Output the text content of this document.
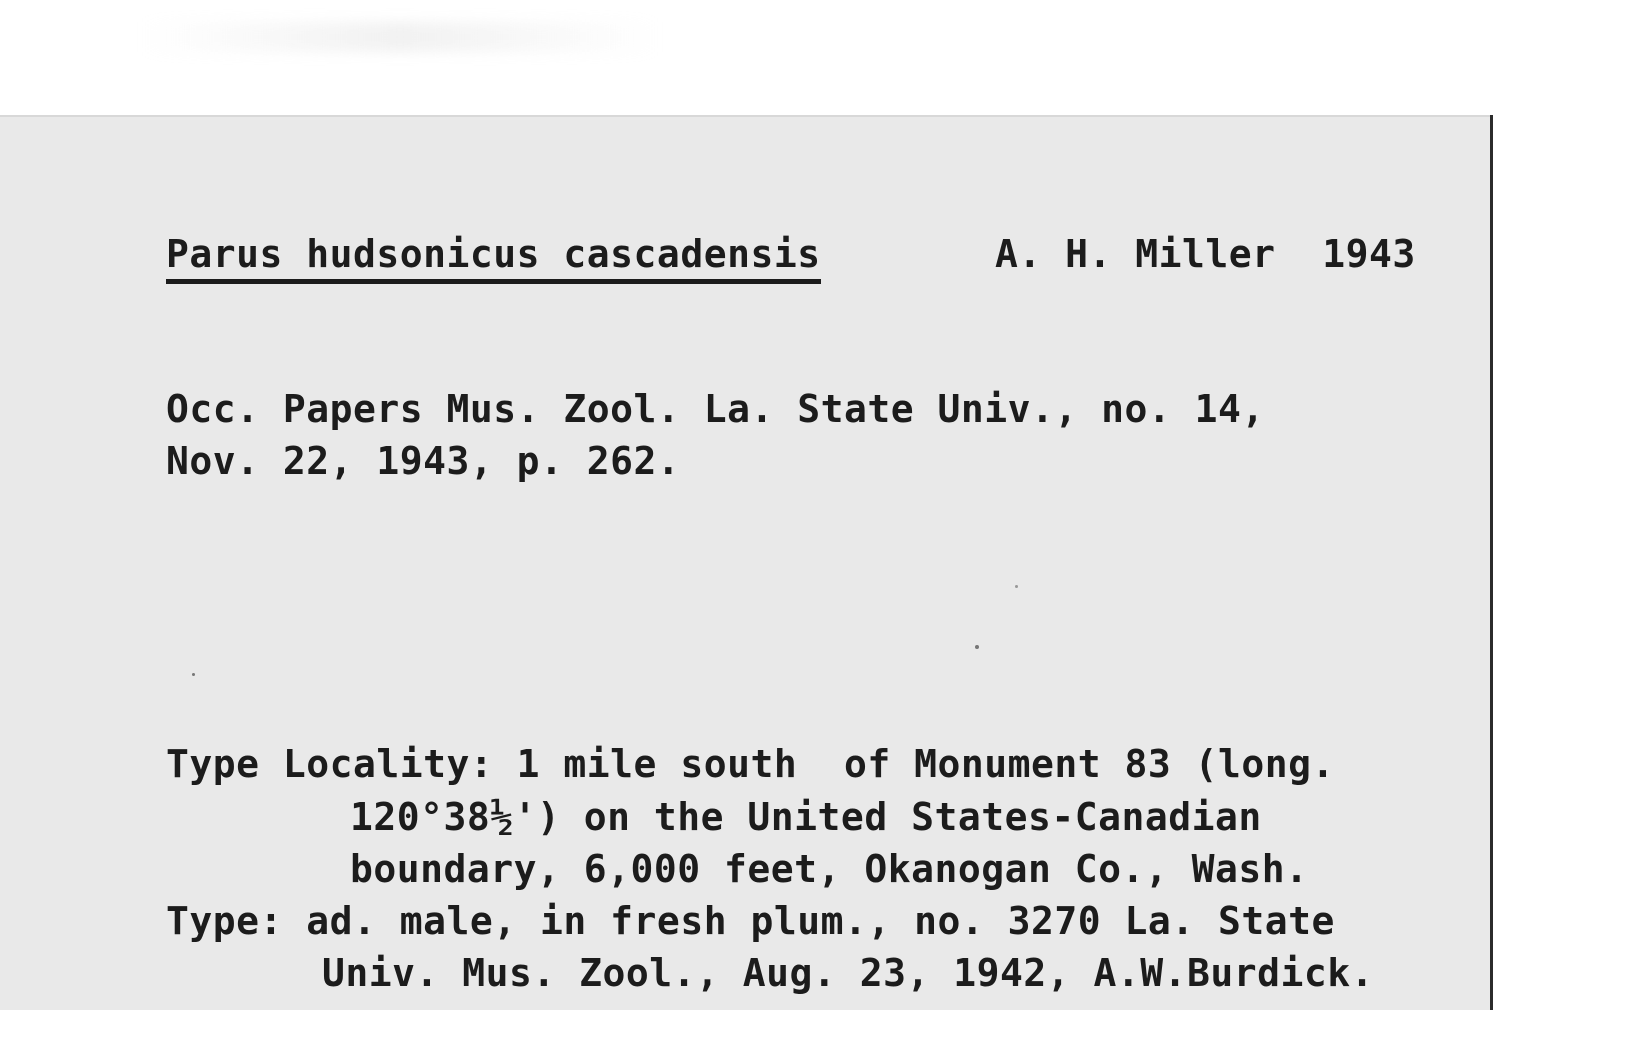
Parus hudsonicus cascadensis	A. H. Miller  1943
Occ. Papers Mus. Zool. La. State Univ., no. 14,
Nov. 22, 1943, p. 262.
Type Locality: 1 mile south  of Monument 83 (long.
120°38½') on the United States-Canadian
boundary, 6,000 feet, Okanogan Co., Wash.
Type: ad. male, in fresh plum., no. 3270 La. State
Univ. Mus. Zool., Aug. 23, 1942, A.W.Burdick.
